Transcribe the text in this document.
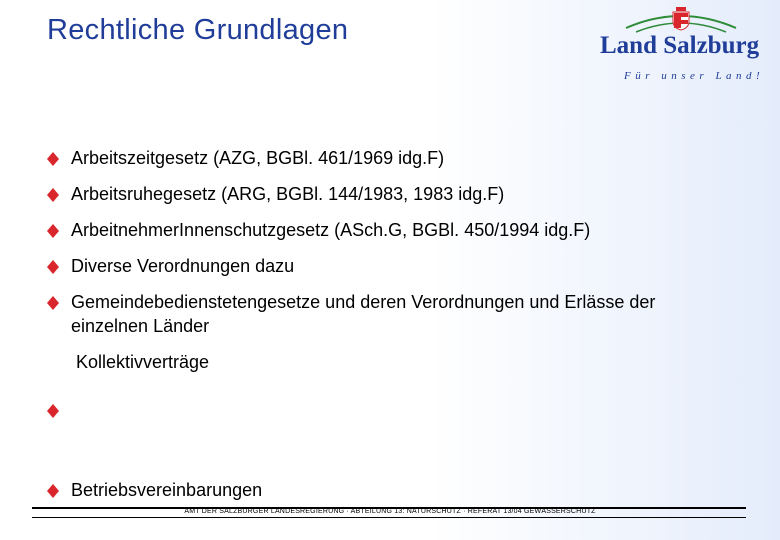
Rechtliche Grundlagen	Land Salzburg
Für unser Land!
Arbeitszeitgesetz (AZG, BGBl. 461/1969 idg.F)
Arbeitsruhegesetz (ARG, BGBl. 144/1983, 1983 idg.F)
ArbeitnehmerInnenschutzgesetz (ASch.G, BGBl. 450/1994 idg.F)
Diverse Verordnungen dazu
Gemeindebedienstetengesetze und deren Verordnungen und Erlässe der einzelnen Länder

Kollektivverträge
Betriebsvereinbarungen
AMT DER SALZBURGER LANDESREGIERUNG · ABTEILUNG 13: NATURSCHUTZ · REFERAT 13/04 GEWÄSSERSCHUTZ
